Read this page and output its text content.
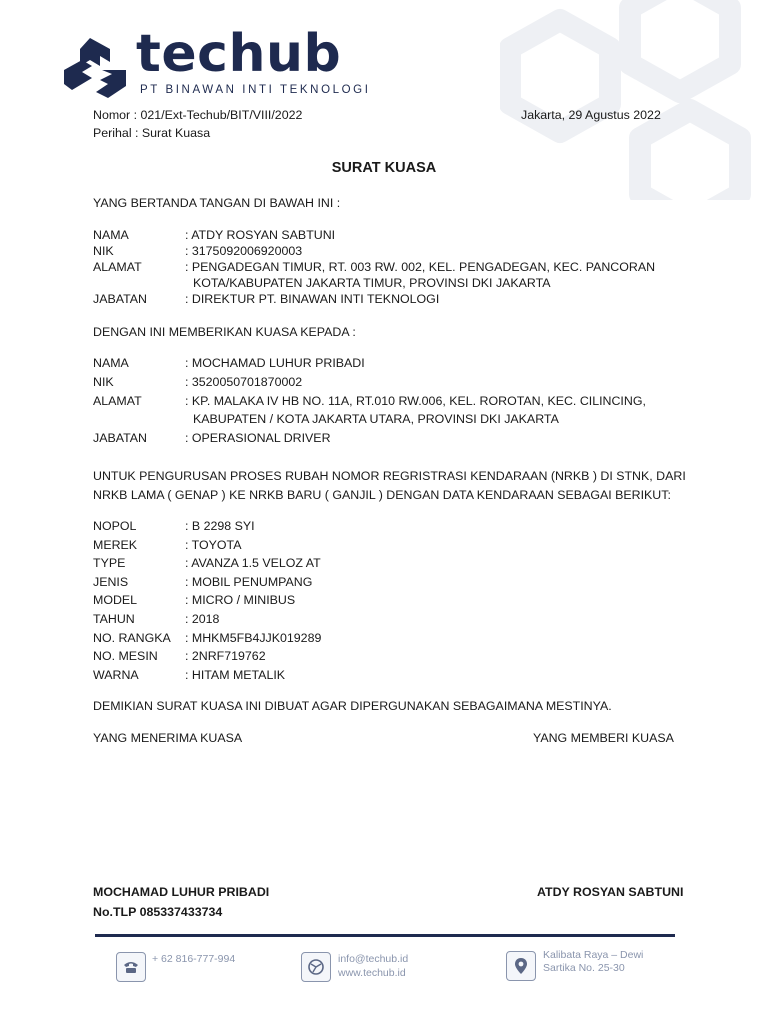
techub
PT BINAWAN INTI TEKNOLOGI
Nomor : 021/Ext-Techub/BIT/VIII/2022
Perihal : Surat Kuasa
Jakarta, 29 Agustus 2022
SURAT KUASA
YANG BERTANDA TANGAN DI BAWAH INI :
NAMA	: ATDY ROSYAN SABTUNI
NIK	: 3175092006920003
ALAMAT	: PENGADEGAN TIMUR, RT. 003 RW. 002, KEL. PENGADEGAN, KEC. PANCORAN
KOTA/KABUPATEN JAKARTA TIMUR, PROVINSI DKI JAKARTA
JABATAN	: DIREKTUR PT. BINAWAN INTI TEKNOLOGI
DENGAN INI MEMBERIKAN KUASA KEPADA :
NAMA	: MOCHAMAD LUHUR PRIBADI
NIK	: 3520050701870002
ALAMAT	: KP. MALAKA IV HB NO. 11A, RT.010 RW.006, KEL. ROROTAN, KEC. CILINCING,
KABUPATEN / KOTA JAKARTA UTARA, PROVINSI DKI JAKARTA
JABATAN	: OPERASIONAL DRIVER
UNTUK PENGURUSAN PROSES RUBAH NOMOR REGRISTRASI KENDARAAN (NRKB ) DI STNK, DARI
NRKB LAMA ( GENAP ) KE NRKB BARU ( GANJIL ) DENGAN DATA KENDARAAN SEBAGAI BERIKUT:
NOPOL	: B 2298 SYI
MEREK	: TOYOTA
TYPE	: AVANZA 1.5 VELOZ AT
JENIS	: MOBIL PENUMPANG
MODEL	: MICRO / MINIBUS
TAHUN	: 2018
NO. RANGKA : MHKM5FB4JJK019289
NO. MESIN : 2NRF719762
WARNA	: HITAM METALIK
DEMIKIAN SURAT KUASA INI DIBUAT AGAR DIPERGUNAKAN SEBAGAIMANA MESTINYA.
YANG MENERIMA KUASA	YANG MEMBERI KUASA
MOCHAMAD LUHUR PRIBADI
No.TLP 085337433734
ATDY ROSYAN SABTUNI
+ 62 816-777-994	info@techub.id
www.techub.id
Kalibata Raya – Dewi
Sartika No. 25-30
